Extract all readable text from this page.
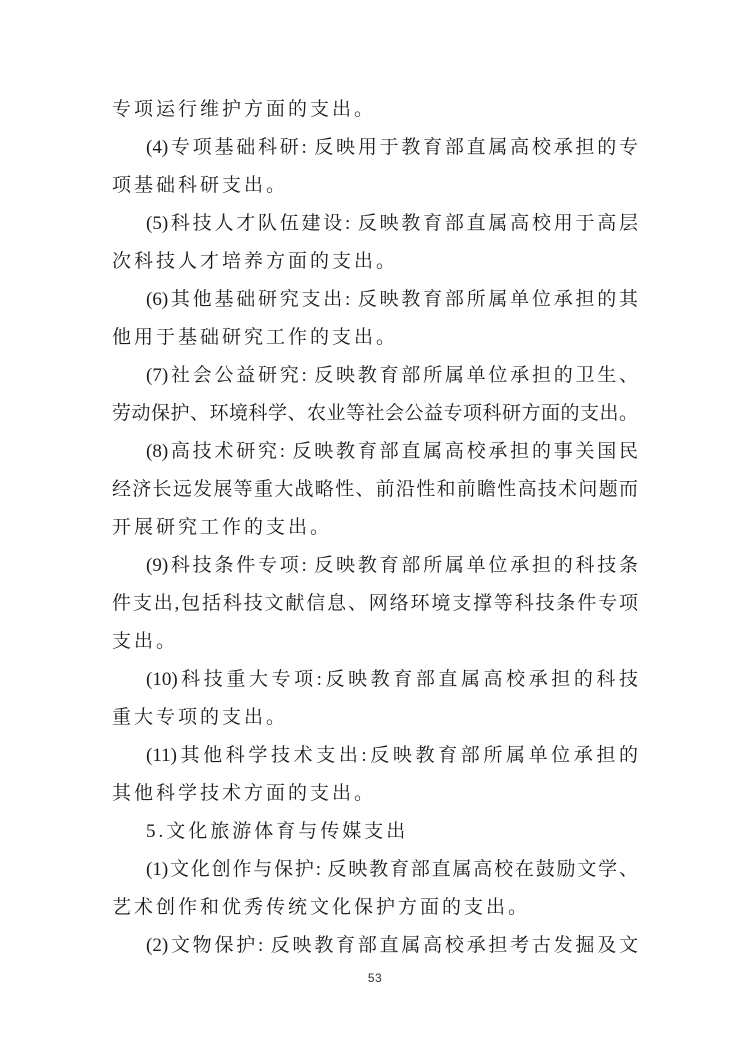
专项运行维护方面的支出。
(4)专项基础科研: 反映用于教育部直属高校承担的专
项基础科研支出。
(5)科技人才队伍建设: 反映教育部直属高校用于高层
次科技人才培养方面的支出。
(6)其他基础研究支出: 反映教育部所属单位承担的其
他用于基础研究工作的支出。
(7)社会公益研究: 反映教育部所属单位承担的卫生、
劳动保护、环境科学、农业等社会公益专项科研方面的支出。
(8)高技术研究: 反映教育部直属高校承担的事关国民
经济长远发展等重大战略性、前沿性和前瞻性高技术问题而
开展研究工作的支出。
(9)科技条件专项: 反映教育部所属单位承担的科技条
件支出,包括科技文献信息、网络环境支撑等科技条件专项
支出。
(10)科技重大专项:反映教育部直属高校承担的科技
重大专项的支出。
(11)其他科学技术支出:反映教育部所属单位承担的
其他科学技术方面的支出。
5.文化旅游体育与传媒支出
(1)文化创作与保护: 反映教育部直属高校在鼓励文学、
艺术创作和优秀传统文化保护方面的支出。
(2)文物保护: 反映教育部直属高校承担考古发掘及文
53
